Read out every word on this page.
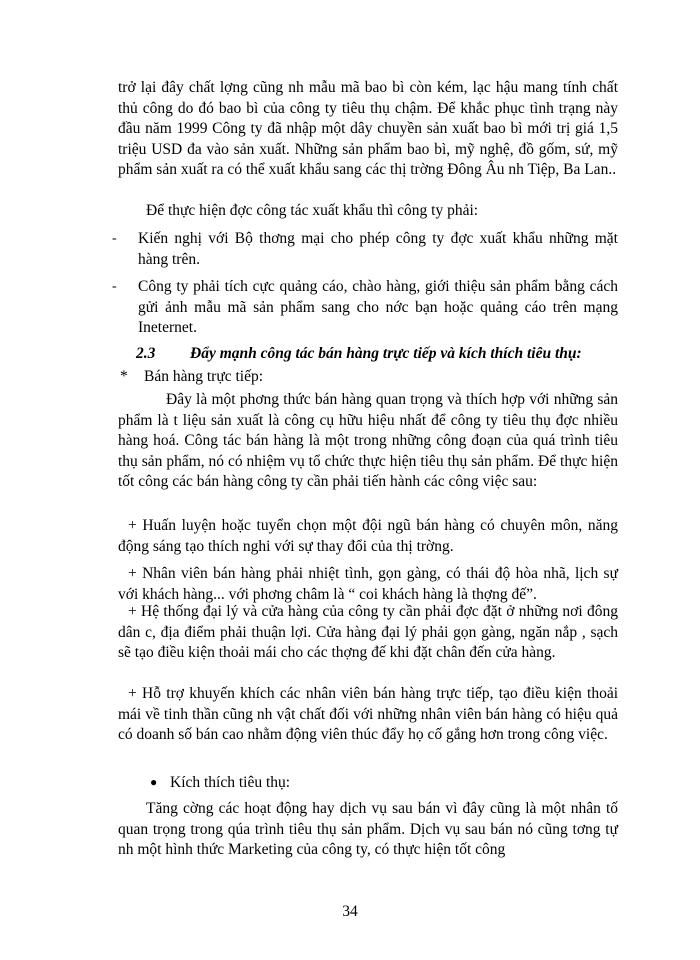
trở lại đây chất lợng cũng nh mẫu mã bao bì còn kém, lạc hậu mang tính chất thủ công do đó bao bì của công ty tiêu thụ chậm. Để khắc phục tình trạng này đầu năm 1999 Công ty đã nhập một dây chuyền sản xuất bao bì mới trị giá 1,5 triệu USD đa vào sản xuất. Những sản phẩm bao bì, mỹ nghệ, đồ gốm, sứ, mỹ phẩm sản xuất ra có thể xuất khẩu sang các thị trờng Đông Âu nh Tiệp, Ba Lan..

Để thực hiện đợc công tác xuất khẩu thì công ty phải:

- Kiến nghị với Bộ thơng mại cho phép công ty đợc xuất khẩu những mặt hàng trên.
- Công ty phải tích cực quảng cáo, chào hàng, giới thiệu sản phẩm bằng cách gửi ảnh mẫu mã sản phẩm sang cho nớc bạn hoặc quảng cáo trên mạng Ineternet.
2.3 Đẩy mạnh công tác bán hàng trực tiếp và kích thích tiêu thụ:
* Bán hàng trực tiếp:

Đây là một phơng thức bán hàng quan trọng và thích hợp với những sản phẩm là t liệu sản xuất là công cụ hữu hiệu nhất để công ty tiêu thụ đợc nhiều hàng hoá. Công tác bán hàng là một trong những công đoạn của quá trình tiêu thụ sản phẩm, nó có nhiệm vụ tổ chức thực hiện tiêu thụ sản phẩm. Để thực hiện tốt công các bán hàng công ty cần phải tiến hành các công việc sau:

+ Huấn luyện hoặc tuyển chọn một đội ngũ bán hàng có chuyên môn, năng động sáng tạo thích nghi với sự thay đổi của thị trờng.

+ Nhân viên bán hàng phải nhiệt tình, gọn gàng, có thái độ hòa nhã, lịch sự với khách hàng... với phơng châm là “ coi khách hàng là thợng đế”.

+ Hệ thống đại lý và cửa hàng của công ty cần phải đợc đặt ở những nơi đông dân c, địa điểm phải thuận lợi. Cửa hàng đại lý phải gọn gàng, ngăn nắp , sạch sẽ tạo điều kiện thoải mái cho các thợng đế khi đặt chân đến cửa hàng.

+ Hỗ trợ khuyến khích các nhân viên bán hàng trực tiếp, tạo điều kiện thoải mái về tinh thần cũng nh vật chất đối với những nhân viên bán hàng có hiệu quả có doanh số bán cao nhằm động viên thúc đẩy họ cố gắng hơn trong công việc.

● Kích thích tiêu thụ:

Tăng cờng các hoạt động hay dịch vụ sau bán vì đây cũng là một nhân tố quan trọng trong qúa trình tiêu thụ sản phẩm. Dịch vụ sau bán nó cũng tơng tự nh một hình thức Marketing của công ty, có thực hiện tốt công

34
